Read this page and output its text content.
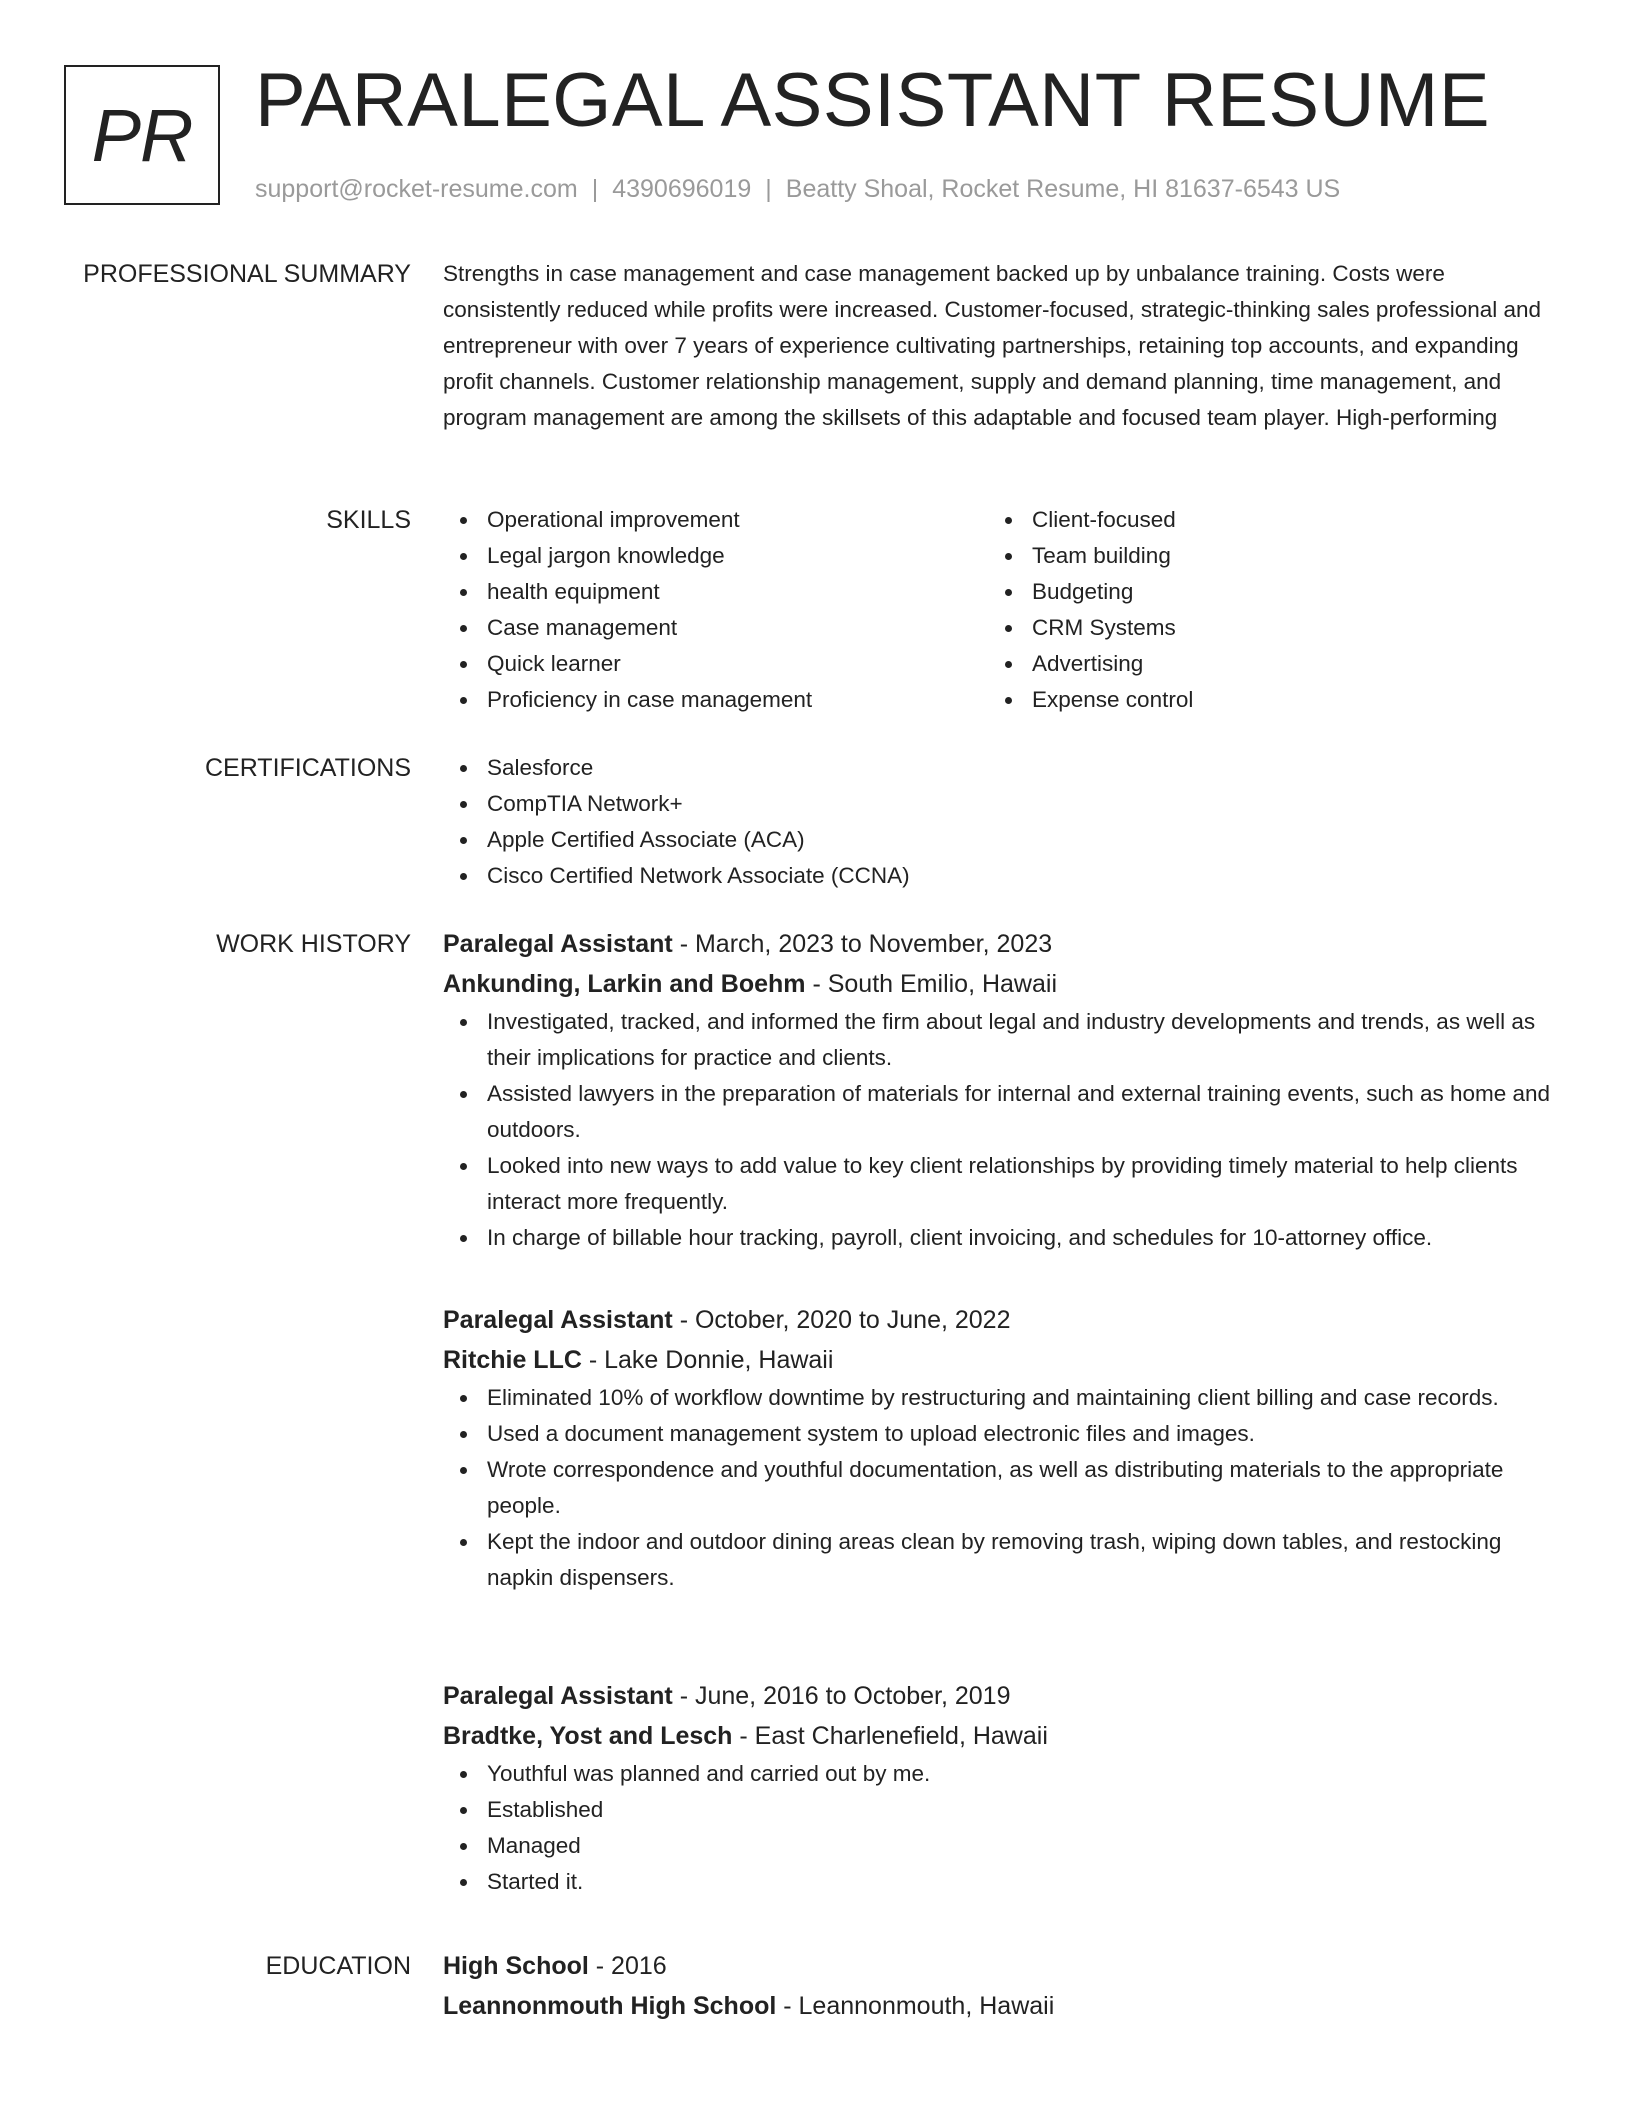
PR PARALEGAL ASSISTANT RESUME
support@rocket-resume.com | 4390696019 | Beatty Shoal, Rocket Resume, HI 81637-6543 US
PROFESSIONAL SUMMARY Strengths in case management and case management backed up by unbalance training. Costs were consistently reduced while profits were increased. Customer-focused, strategic-thinking sales professional and entrepreneur with over 7 years of experience cultivating partnerships, retaining top accounts, and expanding profit channels. Customer relationship management, supply and demand planning, time management, and program management are among the skillsets of this adaptable and focused team player. High-performing

SKILLS	Operational improvement
Legal jargon knowledge
health equipment
Case management
Quick learner
Proficiency in case management
Client-focused
Team building
Budgeting
CRM Systems
Advertising
Expense control
CERTIFICATIONS	Salesforce
CompTIA Network+
Apple Certified Associate (ACA)
Cisco Certified Network Associate (CCNA)
WORK HISTORY Paralegal Assistant - March, 2023 to November, 2023
Ankunding, Larkin and Boehm - South Emilio, Hawaii
Investigated, tracked, and informed the firm about legal and industry developments and trends, as well as their implications for practice and clients.
Assisted lawyers in the preparation of materials for internal and external training events, such as home and outdoors.
Looked into new ways to add value to key client relationships by providing timely material to help clients interact more frequently.
In charge of billable hour tracking, payroll, client invoicing, and schedules for 10-attorney office.
Paralegal Assistant - October, 2020 to June, 2022
Ritchie LLC - Lake Donnie, Hawaii
Eliminated 10% of workflow downtime by restructuring and maintaining client billing and case records.
Used a document management system to upload electronic files and images.
Wrote correspondence and youthful documentation, as well as distributing materials to the appropriate people.
Kept the indoor and outdoor dining areas clean by removing trash, wiping down tables, and restocking napkin dispensers.
Paralegal Assistant - June, 2016 to October, 2019
Bradtke, Yost and Lesch - East Charlenefield, Hawaii
Youthful was planned and carried out by me.
Established
Managed
Started it.
EDUCATION High School - 2016
Leannonmouth High School - Leannonmouth, Hawaii
